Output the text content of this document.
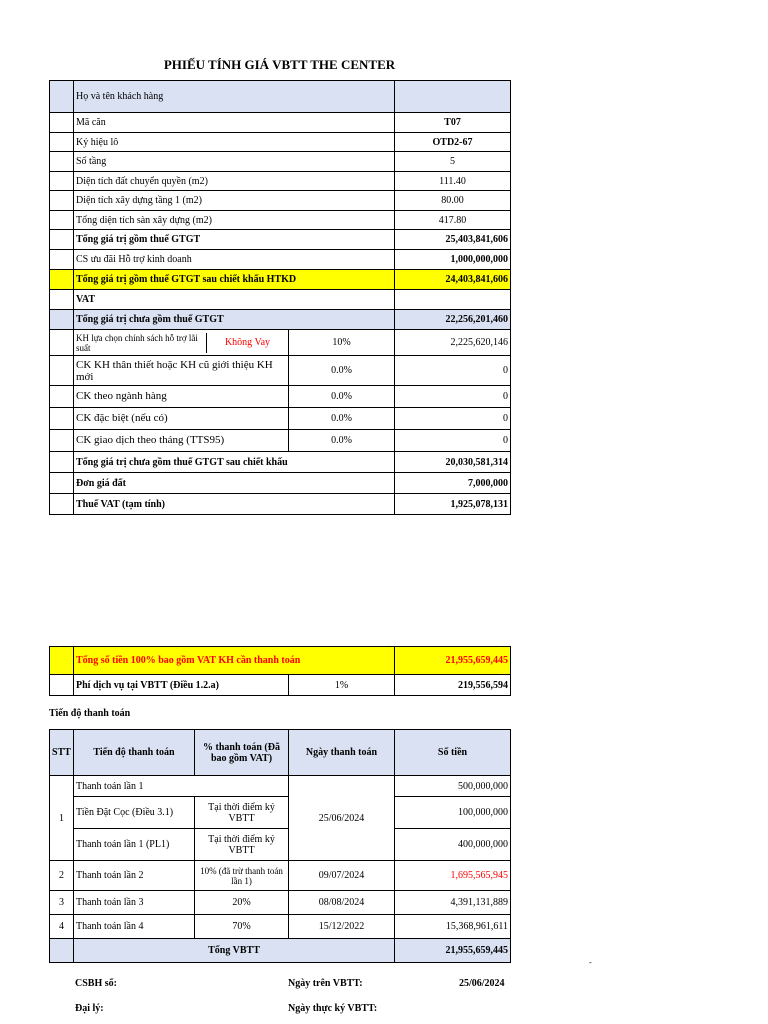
PHIẾU TÍNH GIÁ VBTT THE CENTER
	Họ và tên khách hàng		
	Mã căn		T07
	Ký hiệu lô		OTD2-67
	Số tầng		5
	Diện tích đất chuyển quyền (m2)		111.40
	Diện tích xây dựng tầng 1 (m2)		80.00
	Tổng diện tích sàn xây dựng (m2)		417.80
	Tổng giá trị gồm thuế GTGT		25,403,841,606
	CS ưu đãi Hỗ trợ kinh doanh		1,000,000,000
	Tổng giá trị gồm thuế GTGT sau chiết khấu HTKD		24,403,841,606
	VAT		
	Tổng giá trị chưa gồm thuế GTGT		22,256,201,460

	KH lựa chọn chính sách hỗ trợ lãi suất Không Vay	10%	2,225,620,146
	CK KH thân thiết hoặc KH cũ giới thiệu KH mới	0.0%	0
	CK theo ngành hàng	0.0%	0
	CK đặc biệt (nếu có)	0.0%	0
	CK giao dịch theo tháng (TTS95)	0.0%	0
	Tổng giá trị chưa gồm thuế GTGT sau chiết khấu		20,030,581,314
	Đơn giá đất		7,000,000
	Thuế VAT (tạm tính)		1,925,078,131
	Tổng số tiền 100% bao gồm VAT KH cần thanh toán		21,955,659,445
	Phí dịch vụ tại VBTT (Điều 1.2.a)	1%	219,556,594
Tiến độ thanh toán
STT	Tiến độ thanh toán	% thanh toán (Đã bao gồm VAT)	Ngày thanh toán	Số tiền
1	Thanh toán lần 1		25/06/2024	500,000,000
	Tiền Đặt Cọc (Điều 3.1)	Tại thời điểm ký VBTT		100,000,000
	Thanh toán lần 1 (PL1)	Tại thời điểm ký VBTT		400,000,000
2	Thanh toán lần 2	10% (đã trừ thanh toán lần 1)	09/07/2024	1,695,565,945
3	Thanh toán lần 3	20%	08/08/2024	4,391,131,889
4	Thanh toán lần 4	70%	15/12/2022	15,368,961,611
	Tổng VBTT			21,955,659,445
CSBH số:	Ngày trên VBTT:	25/06/2024
Đại lý:	Ngày thực ký VBTT:
-
